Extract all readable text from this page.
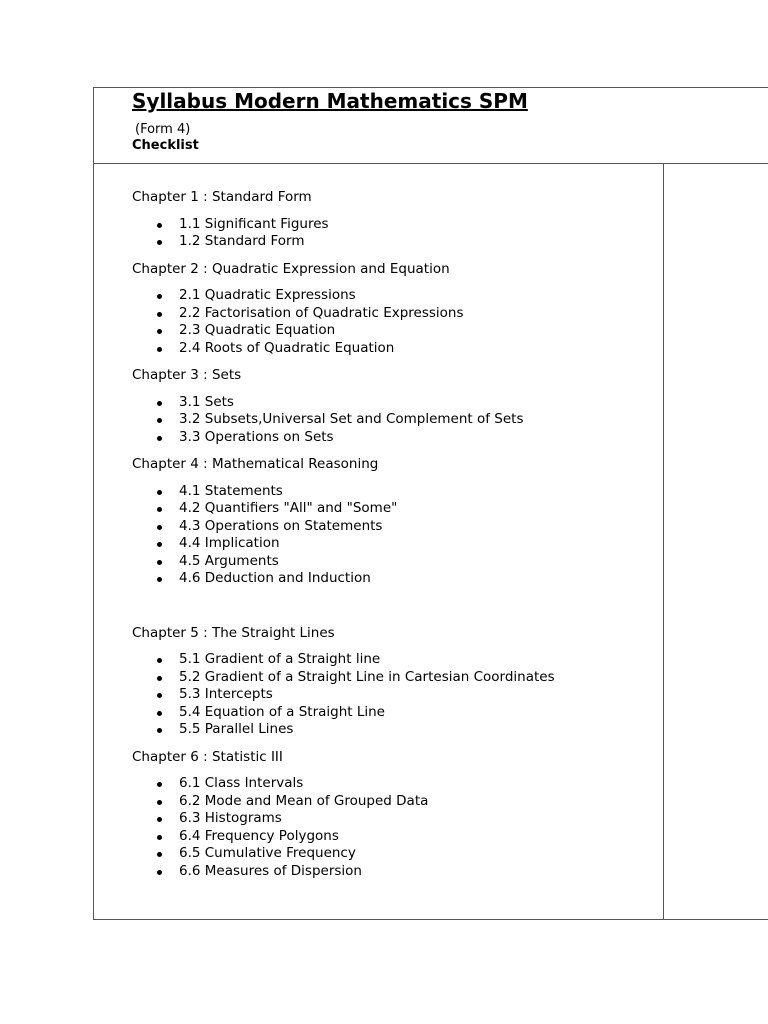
Syllabus Modern Mathematics SPM
(Form 4)
Checklist
Chapter 1 : Standard Form
1.1 Significant Figures
1.2 Standard Form
Chapter 2 : Quadratic Expression and Equation
2.1 Quadratic Expressions
2.2 Factorisation of Quadratic Expressions
2.3 Quadratic Equation
2.4 Roots of Quadratic Equation
Chapter 3 : Sets
3.1 Sets
3.2 Subsets,Universal Set and Complement of Sets
3.3 Operations on Sets
Chapter 4 : Mathematical Reasoning
4.1 Statements
4.2 Quantifiers "All" and "Some"
4.3 Operations on Statements
4.4 Implication
4.5 Arguments
4.6 Deduction and Induction
Chapter 5 : The Straight Lines
5.1 Gradient of a Straight line
5.2 Gradient of a Straight Line in Cartesian Coordinates
5.3 Intercepts
5.4 Equation of a Straight Line
5.5 Parallel Lines
Chapter 6 : Statistic III
6.1 Class Intervals
6.2 Mode and Mean of Grouped Data
6.3 Histograms
6.4 Frequency Polygons
6.5 Cumulative Frequency
6.6 Measures of Dispersion
